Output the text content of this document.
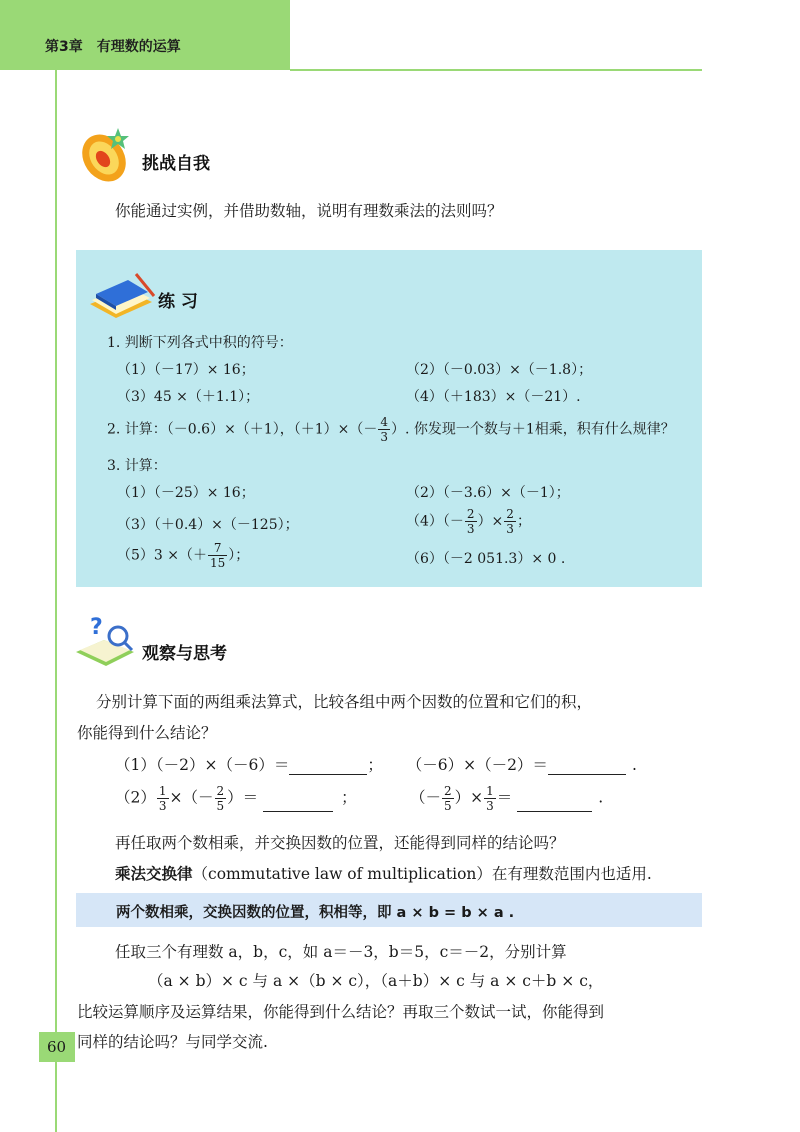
第3章　有理数的运算
挑战自我
你能通过实例，并借助数轴，说明有理数乘法的法则吗？
练 习
1. 判断下列各式中积的符号：
（1）（－17）× 16；	（2）（－0.03）×（－1.8）；
（3）45 ×（＋1.1）；	（4）（＋183）×（－21）.
2. 计算：（－0.6）×（＋1），$(+1)\times(- \frac{4}{3}$ ）. 你发现一个数与＋1相乘，积有什么规律？
3. 计算：
（1）（－25）× 16；	（2）（－3.6）×（－1）；
（3）（＋0.4）×（－125）；	$(4)(- \frac{2}{3}$ ）× $\frac{2}{3}$ ；
（5）3 ×（＋ $\frac{7}{15}$ ）；	（6）（－2 051.3）× 0 .
?
观察与思考
分别计算下面的两组乘法算式，比较各组中两个因数的位置和它们的积，
你能得到什么结论？
（1）（－2）×（－6）＝	； （－6）×（－2）＝	.
$(2) \frac{1}{3}$ ×（－ $\frac{2}{5}$ ）＝	；	（－ $\frac{2}{5}$ ）× $\frac{1}{3}$ ＝	.
再任取两个数相乘，并交换因数的位置，还能得到同样的结论吗？
乘法交换律（commutative law of multiplication）在有理数范围内也适用.
两个数相乘，交换因数的位置，积相等，即 a × b = b × a .
任取三个有理数 a，b，c，如 a＝－3，b＝5，c＝－2，分别计算
（a × b）× c 与 a ×（b × c），（a＋b）× c 与 a × c＋b × c，
比较运算顺序及运算结果，你能得到什么结论？再取三个数试一试，你能得到
同样的结论吗？与同学交流.
60
